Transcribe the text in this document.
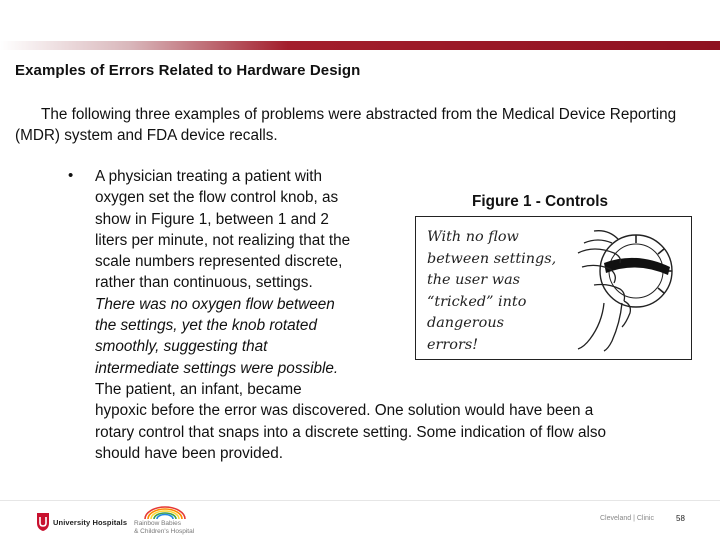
Examples of Errors Related to Hardware Design
The following three examples of problems were abstracted from the Medical Device Reporting (MDR) system and FDA device recalls.
• A physician treating a patient with
oxygen set the flow control knob, as
show in Figure 1, between 1 and 2
liters per minute, not realizing that the
scale numbers represented discrete,
rather than continuous, settings.
There was no oxygen flow between
the settings, yet the knob rotated
smoothly, suggesting that
intermediate settings were possible.
The patient, an infant, became
hypoxic before the error was discovered. One solution would have been a
rotary control that snaps into a discrete setting. Some indication of flow also
should have been provided.
Figure 1 - Controls
With no flow
between settings,
the user was
“tricked” into
dangerous
errors!
University Hospitals Rainbow Babies
& Children's Hospital
Cleveland | Clinic	58
